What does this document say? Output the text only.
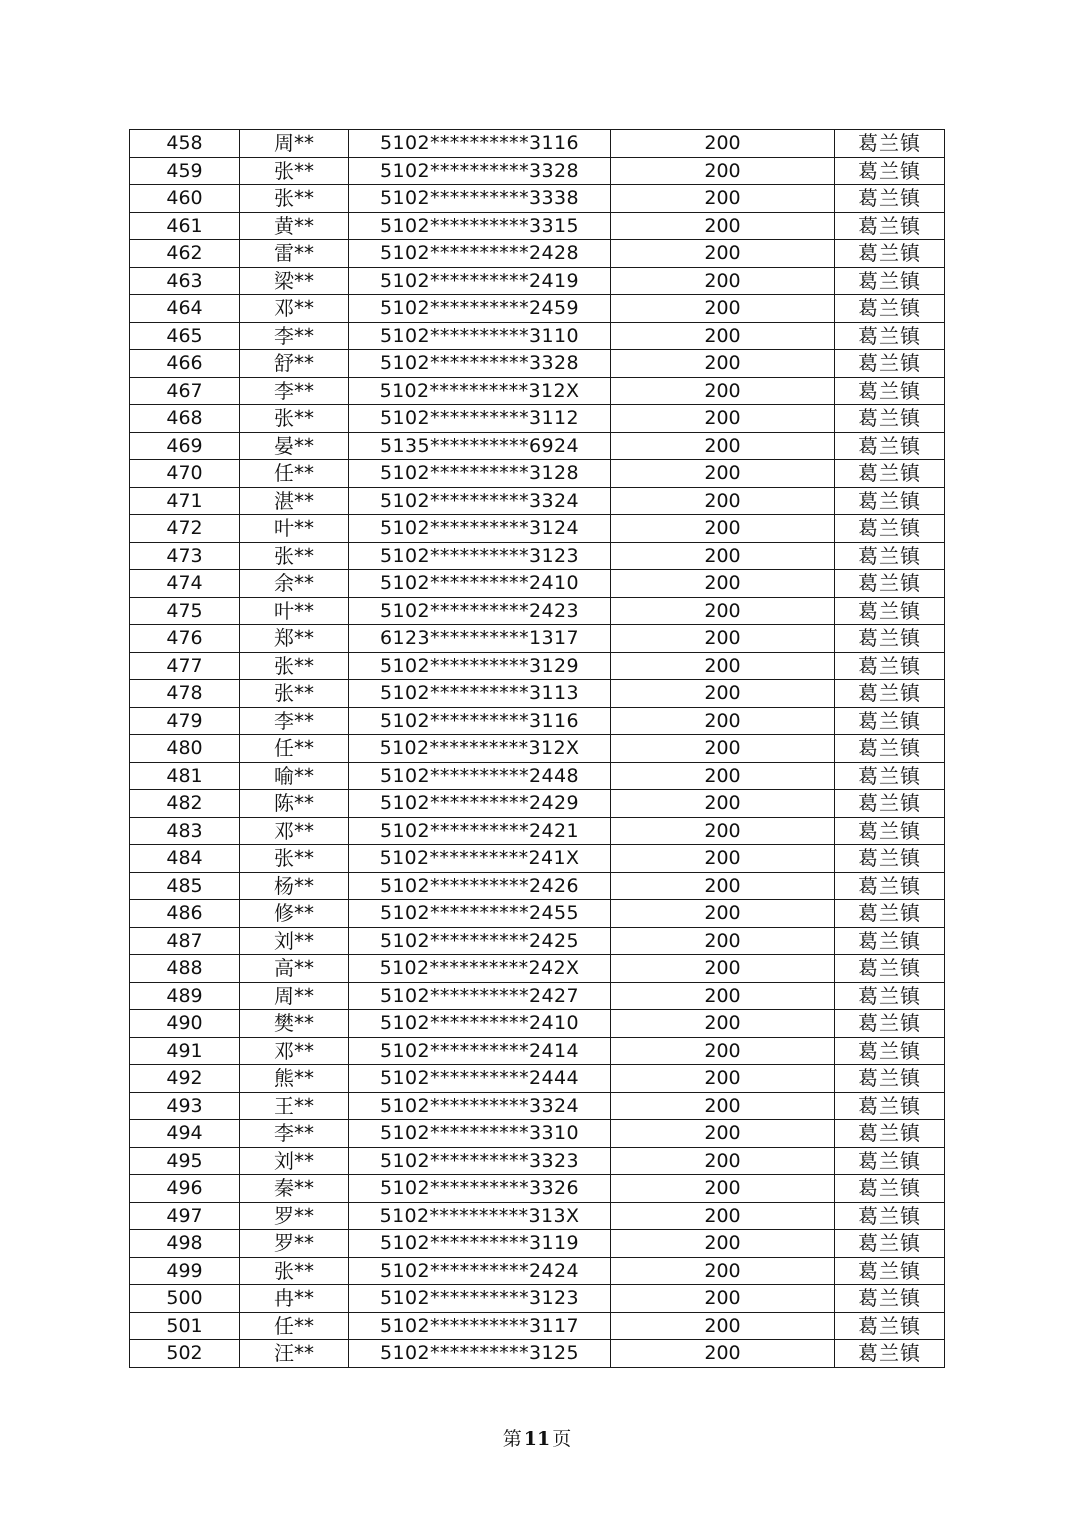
458	周**	5102**********3116	200	葛兰镇
459	张**	5102**********3328	200	葛兰镇
460	张**	5102**********3338	200	葛兰镇
461	黄**	5102**********3315	200	葛兰镇
462	雷**	5102**********2428	200	葛兰镇
463	梁**	5102**********2419	200	葛兰镇
464	邓**	5102**********2459	200	葛兰镇
465	李**	5102**********3110	200	葛兰镇
466	舒**	5102**********3328	200	葛兰镇
467	李**	5102**********312X	200	葛兰镇
468	张**	5102**********3112	200	葛兰镇
469	晏**	5135**********6924	200	葛兰镇
470	任**	5102**********3128	200	葛兰镇
471	湛**	5102**********3324	200	葛兰镇
472	叶**	5102**********3124	200	葛兰镇
473	张**	5102**********3123	200	葛兰镇
474	余**	5102**********2410	200	葛兰镇
475	叶**	5102**********2423	200	葛兰镇
476	郑**	6123**********1317	200	葛兰镇
477	张**	5102**********3129	200	葛兰镇
478	张**	5102**********3113	200	葛兰镇
479	李**	5102**********3116	200	葛兰镇
480	任**	5102**********312X	200	葛兰镇
481	喻**	5102**********2448	200	葛兰镇
482	陈**	5102**********2429	200	葛兰镇
483	邓**	5102**********2421	200	葛兰镇
484	张**	5102**********241X	200	葛兰镇
485	杨**	5102**********2426	200	葛兰镇
486	修**	5102**********2455	200	葛兰镇
487	刘**	5102**********2425	200	葛兰镇
488	高**	5102**********242X	200	葛兰镇
489	周**	5102**********2427	200	葛兰镇
490	樊**	5102**********2410	200	葛兰镇
491	邓**	5102**********2414	200	葛兰镇
492	熊**	5102**********2444	200	葛兰镇
493	王**	5102**********3324	200	葛兰镇
494	李**	5102**********3310	200	葛兰镇
495	刘**	5102**********3323	200	葛兰镇
496	秦**	5102**********3326	200	葛兰镇
497	罗**	5102**********313X	200	葛兰镇
498	罗**	5102**********3119	200	葛兰镇
499	张**	5102**********2424	200	葛兰镇
500	冉**	5102**********3123	200	葛兰镇
501	任**	5102**********3117	200	葛兰镇
502	汪**	5102**********3125	200	葛兰镇
第 11 页
